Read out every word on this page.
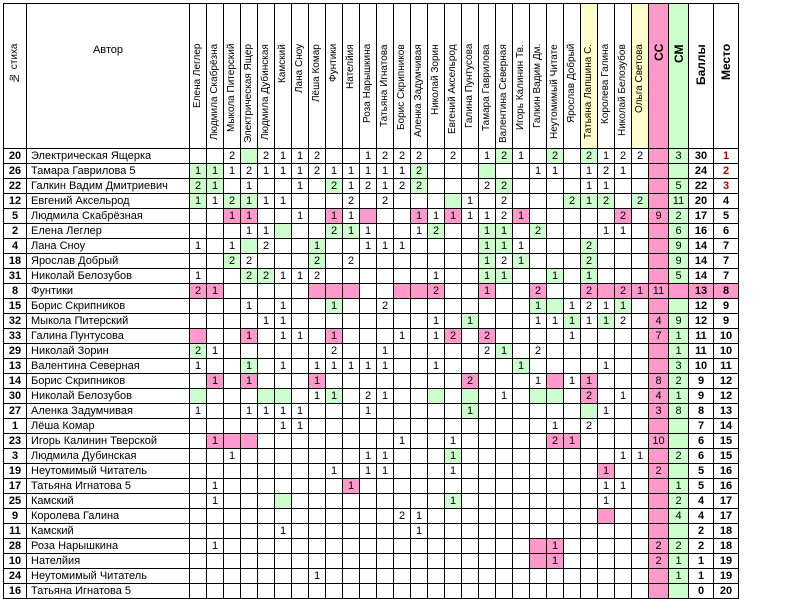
№ стиха	Автор	Елена Леглер	Людмила Скабрёзна	Мыкола Питерский	Электрическая Ящер	Людмила Дубинская	Камский	Лана Сноу	Лёша Комар	Фунтики	Нателйия	Роза Нарышкина	Татьяна Игнатова	Борис Скрипников	Аленка Задумчивая	Николай Зорин	Евгений Аксельрод	Галина Пунтусова	Тамара Гаврилова	Валентина Северная	Игорь Калинин Тв.	Галкин Вадим Дм.	Неутомимый Читате	Ярослав Добрый	Татьяна Лапшина С.	Королева Галина	Николай Белозубов	Ольга Светова	СС	СМ	Баллы	Место
20	Электрическая Ящерка			2		2	1	1	2			1	2	2	2		2		1	2	1		2		2	1	2	2		3	30	1
26	Тамара Гаврилова 5	1	1	1	2	1	1	1	2	1	1	1	1	1	2							1	1		1	2	1				24	2
22	Галкин Вадим Дмитриевич	2	1		1			1		2	1	2	1	2	2				2	2					1	1				5	22	3
12	Евгений Аксельрод	1	1	2	1	1	1				2		2					1		2				2	1	2		2		11	20	4
5	Людмила Скабрёзная			1	1			1		1	1				1	1	1	1	1	2	1						2		9	2	17	5
2	Елена Леглер				1	1				2	1	1			1	2			1	1		2				1	1			6	16	6
4	Лана Сноу	1		1		2			1			1	1	1					1	1	1				2					9	14	7
18	Ярослав Добрый			2	2				2		2								1	2	1				2					9	14	7
31	Николай Белозубов	1			2	2	1	1	2							1			1	1			1		1					5	14	7
8	Фунтики	2	1													2			1			2			2		2	1	11		13	8
15	Борис Скрипников				1		1			1			2									1		1	2	1	1				12	9
32	Мыкола Питерский					1	1									1		1				1	1	1	1	1	2		4	9	12	9
33	Галина Пунтусова				1		1	1		1				1		1	2		2					1					7	1	11	10
29	Николай Зорин	2	1							2			1						2	1		2								1	11	10
13	Валентина Северная	1			1		1		1	1	1	1	1			1					1					1				3	10	11
14	Борис Скрипников		1		1				1									2				1		1	1				8	2	9	12
30	Николай Белозубов								1	1		2	1							1					2		1		4	1	9	12
27	Аленка Задумчивая	1			1	1	1	1				1						1								1			3	8	8	13
1	Лёша Комар						1	1															1		2						7	14
23	Игорь Калинин Тверской		1											1			1						2	1					10		6	15
3	Людмила Дубинская			1								1	1				1										1	1		2	6	15
19	Неутомимый Читатель									1		1	1				1									1			2		5	16
17	Татьяна Игнатова 5		1								1															1	1			1	5	16
25	Камский		1														1									1				2	4	17
9	Королева Галина													2	1															4	4	17
11	Камский						1								1																2	18
28	Роза Нарышкина		1																				1						2	2	2	18
10	Нателйия																						1						2	1	1	19
24	Неутомимый Читатель								1																					1	1	19
16	Татьяна Игнатова 5																														0	20
